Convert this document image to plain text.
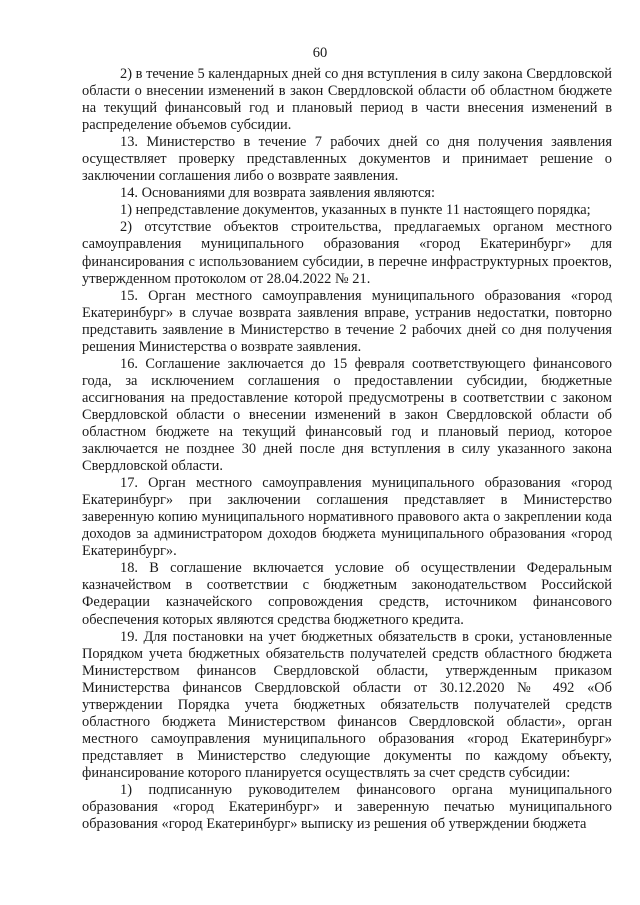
60

2) в течение 5 календарных дней со дня вступления в силу закона Свердловской области о внесении изменений в закон Свердловской области об областном бюджете на текущий финансовый год и плановый период в части внесения изменений в распределение объемов субсидии.

13. Министерство в течение 7 рабочих дней со дня получения заявления осуществляет проверку представленных документов и принимает решение о заключении соглашения либо о возврате заявления.

14. Основаниями для возврата заявления являются:

1) непредставление документов, указанных в пункте 11 настоящего порядка;

2) отсутствие объектов строительства, предлагаемых органом местного самоуправления муниципального образования «город Екатеринбург» для финансирования с использованием субсидии, в перечне инфраструктурных проектов, утвержденном протоколом от 28.04.2022 № 21.

15. Орган местного самоуправления муниципального образования «город Екатеринбург» в случае возврата заявления вправе, устранив недостатки, повторно представить заявление в Министерство в течение 2 рабочих дней со дня получения решения Министерства о возврате заявления.

16. Соглашение заключается до 15 февраля соответствующего финансового года, за исключением соглашения о предоставлении субсидии, бюджетные ассигнования на предоставление которой предусмотрены в соответствии с законом Свердловской области о внесении изменений в закон Свердловской области об областном бюджете на текущий финансовый год и плановый период, которое заключается не позднее 30 дней после дня вступления в силу указанного закона Свердловской области.

17. Орган местного самоуправления муниципального образования «город Екатеринбург» при заключении соглашения представляет в Министерство заверенную копию муниципального нормативного правового акта о закреплении кода доходов за администратором доходов бюджета муниципального образования «город Екатеринбург».

18. В соглашение включается условие об осуществлении Федеральным казначейством в соответствии с бюджетным законодательством Российской Федерации казначейского сопровождения средств, источником финансового обеспечения которых являются средства бюджетного кредита.

19. Для постановки на учет бюджетных обязательств в сроки, установленные Порядком учета бюджетных обязательств получателей средств областного бюджета Министерством финансов Свердловской области, утвержденным приказом Министерства финансов Свердловской области от 30.12.2020 № 492 «Об утверждении Порядка учета бюджетных обязательств получателей средств областного бюджета Министерством финансов Свердловской области», орган местного самоуправления муниципального образования «город Екатеринбург» представляет в Министерство следующие документы по каждому объекту, финансирование которого планируется осуществлять за счет средств субсидии:

1) подписанную руководителем финансового органа муниципального образования «город Екатеринбург» и заверенную печатью муниципального образования «город Екатеринбург» выписку из решения об утверждении бюджета
